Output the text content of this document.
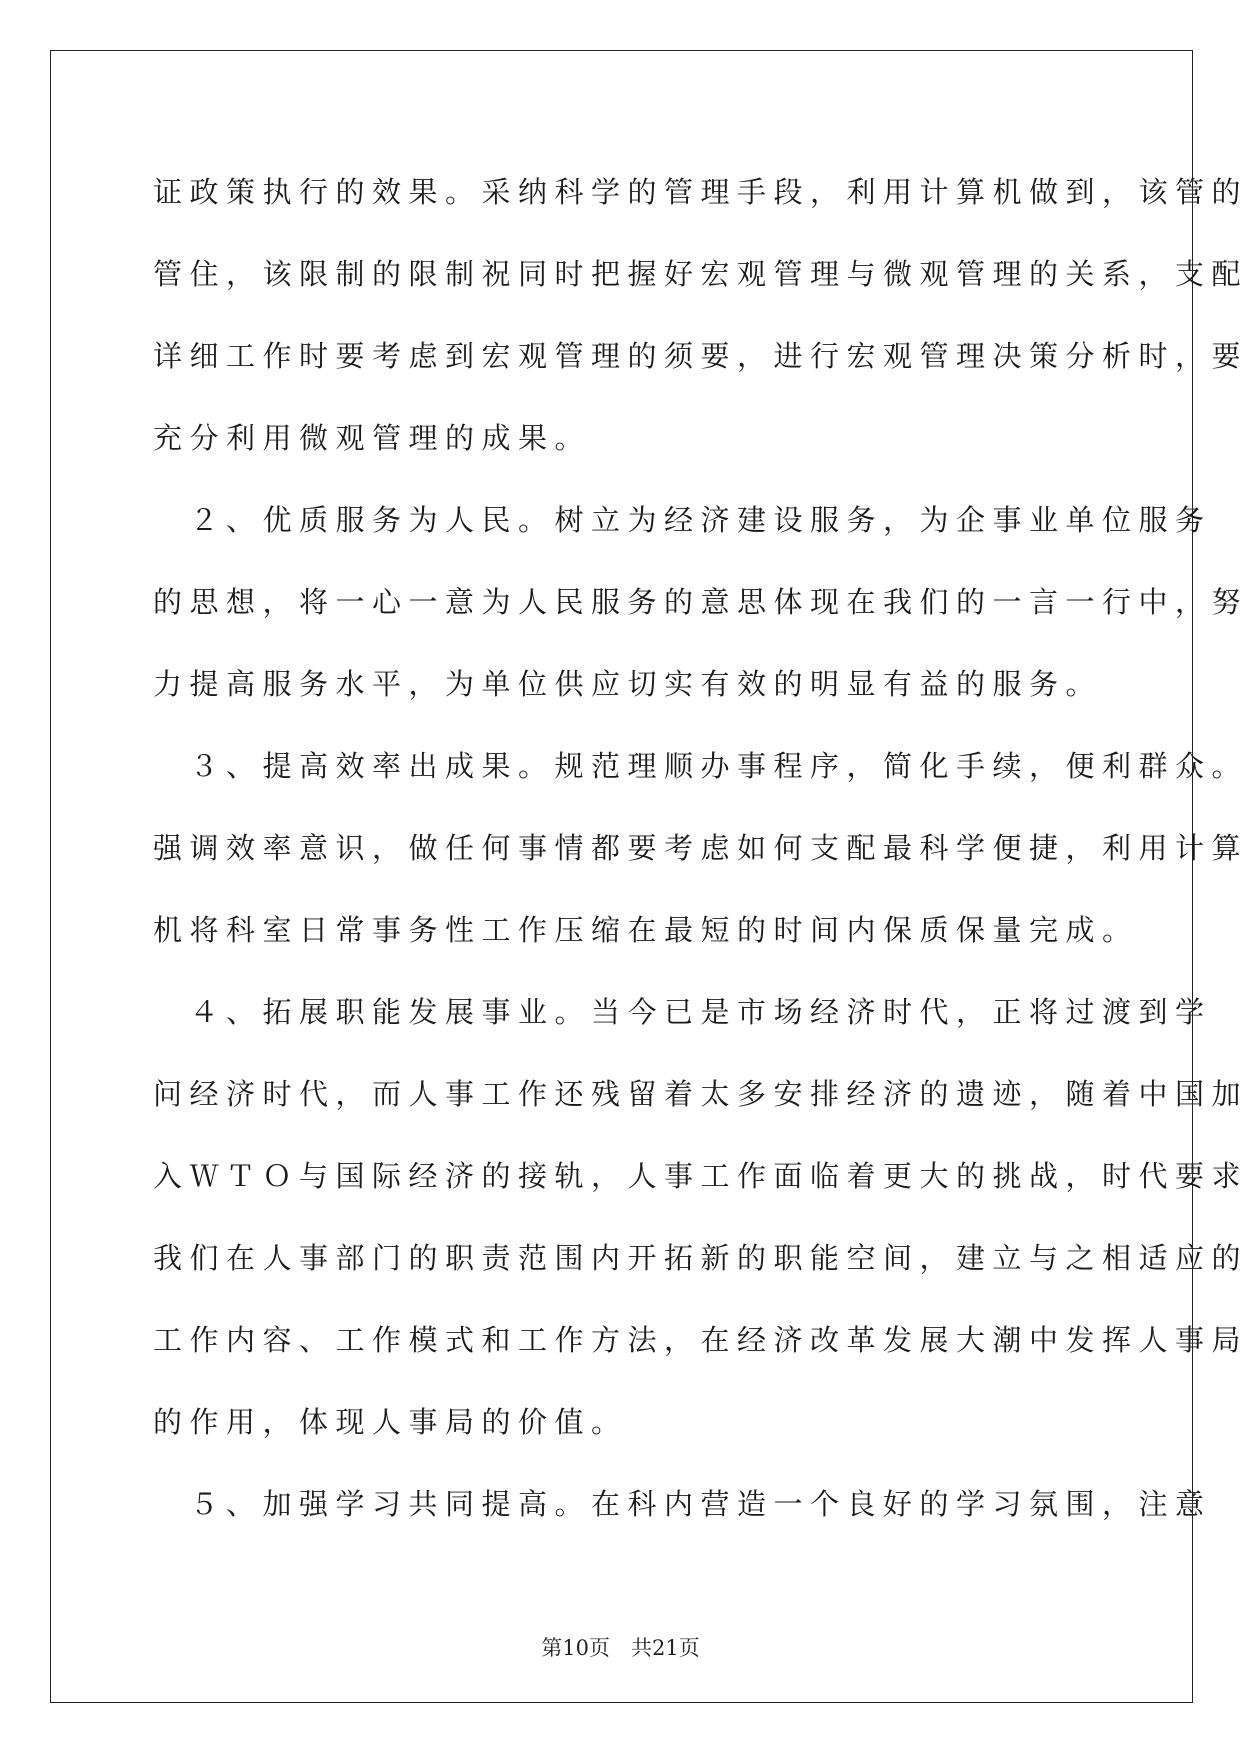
证政策执行的效果。采纳科学的管理手段，利用计算机做到，该管的
管住，该限制的限制祝同时把握好宏观管理与微观管理的关系，支配
详细工作时要考虑到宏观管理的须要，进行宏观管理决策分析时，要
充分利用微观管理的成果。
　２、优质服务为人民。树立为经济建设服务，为企事业单位服务
的思想，将一心一意为人民服务的意思体现在我们的一言一行中，努
力提高服务水平，为单位供应切实有效的明显有益的服务。
　３、提高效率出成果。规范理顺办事程序，简化手续，便利群众。
强调效率意识，做任何事情都要考虑如何支配最科学便捷，利用计算
机将科室日常事务性工作压缩在最短的时间内保质保量完成。
　４、拓展职能发展事业。当今已是市场经济时代，正将过渡到学
问经济时代，而人事工作还残留着太多安排经济的遗迹，随着中国加
入ＷＴＯ与国际经济的接轨，人事工作面临着更大的挑战，时代要求
我们在人事部门的职责范围内开拓新的职能空间，建立与之相适应的
工作内容、工作模式和工作方法，在经济改革发展大潮中发挥人事局
的作用，体现人事局的价值。
　５、加强学习共同提高。在科内营造一个良好的学习氛围，注意
第10页　共21页
